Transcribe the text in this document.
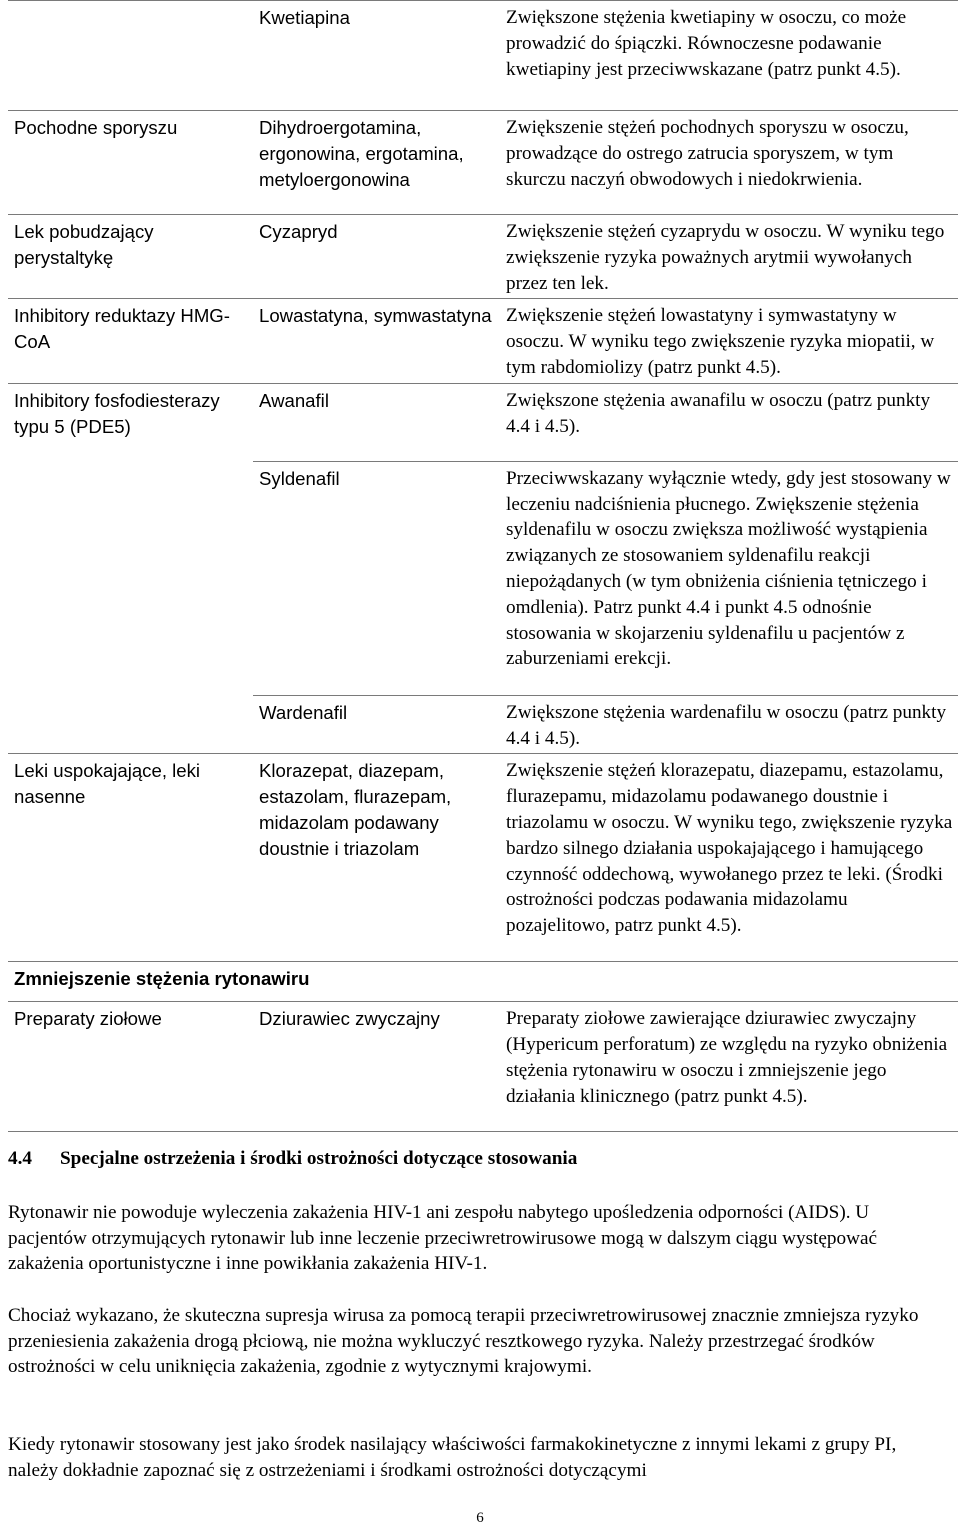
	Kwetiapina	Zwiększone stężenia kwetiapiny w osoczu, co może prowadzić do śpiączki. Równoczesne podawanie kwetiapiny jest przeciwwskazane (patrz punkt 4.5).
Pochodne sporyszu	Dihydroergotamina, ergonowina, ergotamina, metyloergonowina	Zwiększenie stężeń pochodnych sporyszu w osoczu, prowadzące do ostrego zatrucia sporyszem, w tym skurczu naczyń obwodowych i niedokrwienia.
Lek pobudzający perystaltykę	Cyzapryd	Zwiększenie stężeń cyzaprydu w osoczu. W wyniku tego zwiększenie ryzyka poważnych arytmii wywołanych przez ten lek.
Inhibitory reduktazy HMG-CoA	Lowastatyna, symwastatyna	Zwiększenie stężeń lowastatyny i symwastatyny w osoczu. W wyniku tego zwiększenie ryzyka miopatii, w tym rabdomiolizy (patrz punkt 4.5).
Inhibitory fosfodiesterazy typu 5 (PDE5)	Awanafil	Zwiększone stężenia awanafilu w osoczu (patrz punkty 4.4 i 4.5).
	Syldenafil	Przeciwwskazany wyłącznie wtedy, gdy jest stosowany w leczeniu nadciśnienia płucnego. Zwiększenie stężenia syldenafilu w osoczu zwiększa możliwość wystąpienia związanych ze stosowaniem syldenafilu reakcji niepożądanych (w tym obniżenia ciśnienia tętniczego i omdlenia). Patrz punkt 4.4 i punkt 4.5 odnośnie stosowania w skojarzeniu syldenafilu u pacjentów z zaburzeniami erekcji.
	Wardenafil	Zwiększone stężenia wardenafilu w osoczu (patrz punkty 4.4 i 4.5).
Leki uspokajające, leki nasenne	Klorazepat, diazepam, estazolam, flurazepam, midazolam podawany doustnie i triazolam	Zwiększenie stężeń klorazepatu, diazepamu, estazolamu, flurazepamu, midazolamu podawanego doustnie i triazolamu w osoczu. W wyniku tego, zwiększenie ryzyka bardzo silnego działania uspokajającego i hamującego czynność oddechową, wywołanego przez te leki. (Środki ostrożności podczas podawania midazolamu pozajelitowo, patrz punkt 4.5).
Zmniejszenie stężenia rytonawiru		
Preparaty ziołowe	Dziurawiec zwyczajny	Preparaty ziołowe zawierające dziurawiec zwyczajny (Hypericum perforatum) ze względu na ryzyko obniżenia stężenia rytonawiru w osoczu i zmniejszenie jego działania klinicznego (patrz punkt 4.5).
4.4 Specjalne ostrzeżenia i środki ostrożności dotyczące stosowania
Rytonawir nie powoduje wyleczenia zakażenia HIV-1 ani zespołu nabytego upośledzenia odporności (AIDS). U pacjentów otrzymujących rytonawir lub inne leczenie przeciwretrowirusowe mogą w dalszym ciągu występować zakażenia oportunistyczne i inne powikłania zakażenia HIV-1.
Chociaż wykazano, że skuteczna supresja wirusa za pomocą terapii przeciwretrowirusowej znacznie zmniejsza ryzyko przeniesienia zakażenia drogą płciową, nie można wykluczyć resztkowego ryzyka. Należy przestrzegać środków ostrożności w celu uniknięcia zakażenia, zgodnie z wytycznymi krajowymi.
Kiedy rytonawir stosowany jest jako środek nasilający właściwości farmakokinetyczne z innymi lekami z grupy PI, należy dokładnie zapoznać się z ostrzeżeniami i środkami ostrożności dotyczącymi
6
